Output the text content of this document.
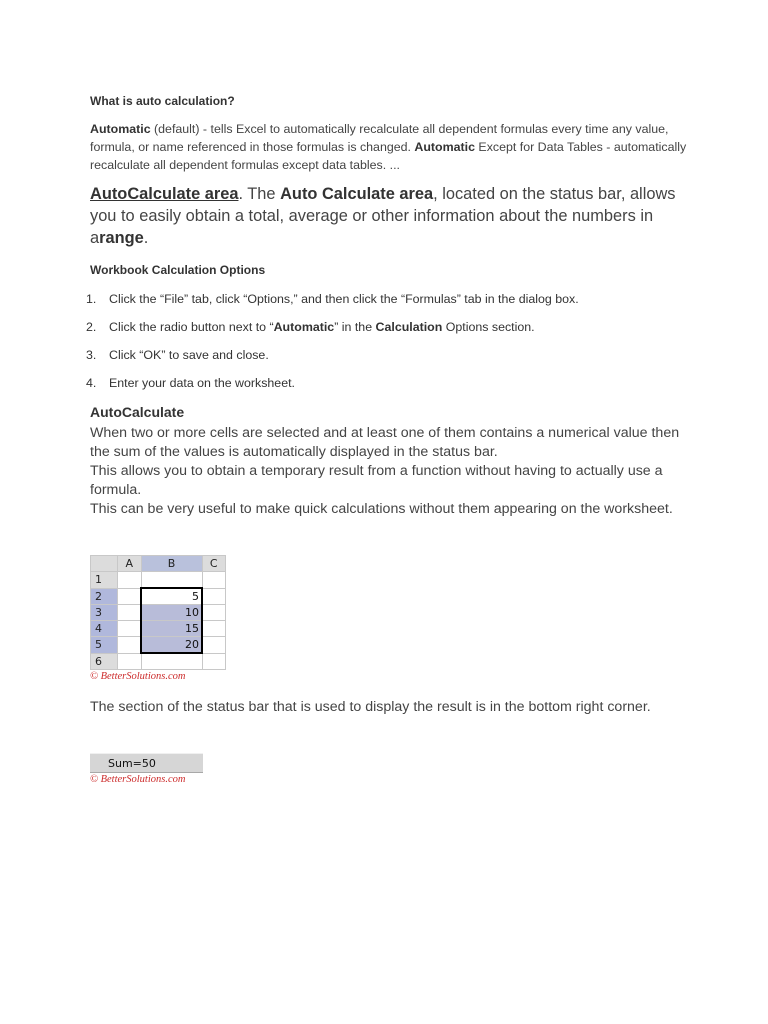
What is auto calculation?

Automatic (default) - tells Excel to automatically recalculate all dependent formulas every time any value, formula, or name referenced in those formulas is changed. Automatic Except for Data Tables - automatically recalculate all dependent formulas except data tables. ...

AutoCalculate area. The Auto Calculate area, located on the status bar, allows you to easily obtain a total, average or other information about the numbers in arange.

Workbook Calculation Options

1. Click the “File” tab, click “Options,” and then click the “Formulas” tab in the dialog box.
2. Click the radio button next to “Automatic” in the Calculation Options section.
3. Click “OK” to save and close.
4. Enter your data on the worksheet.

AutoCalculate

When two or more cells are selected and at least one of them contains a numerical value then the sum of the values is automatically displayed in the status bar.
This allows you to obtain a temporary result from a function without having to actually use a formula.
This can be very useful to make quick calculations without them appearing on the worksheet.

	A	B	C
1			
2		5	
3		10	
4		15	
5		20	
6			
© BetterSolutions.com

The section of the status bar that is used to display the result is in the bottom right corner.

Sum=50
© BetterSolutions.com
